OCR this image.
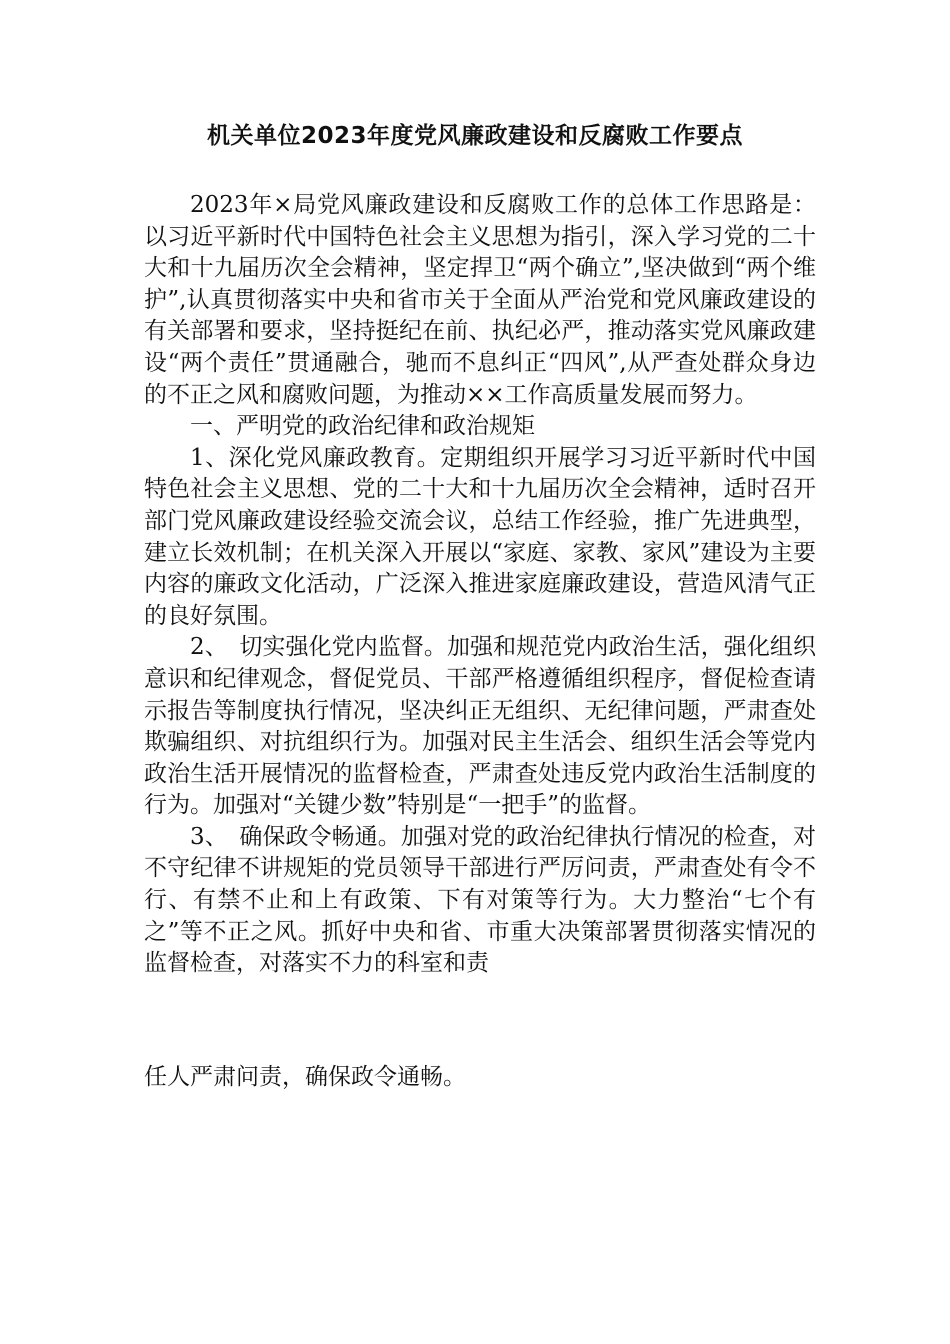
机关单位2023年度党风廉政建设和反腐败工作要点

2023年×局党风廉政建设和反腐败工作的总体工作思路是：以习近平新时代中国特色社会主义思想为指引，深入学习党的二十大和十九届历次全会精神，坚定捍卫“两个确立”,坚决做到“两个维护”,认真贯彻落实中央和省市关于全面从严治党和党风廉政建设的有关部署和要求，坚持挺纪在前、执纪必严，推动落实党风廉政建设“两个责任”贯通融合，驰而不息纠正“四风”,从严查处群众身边的不正之风和腐败问题，为推动××工作高质量发展而努力。

一、严明党的政治纪律和政治规矩

1、深化党风廉政教育。定期组织开展学习习近平新时代中国特色社会主义思想、党的二十大和十九届历次全会精神，适时召开部门党风廉政建设经验交流会议，总结工作经验，推广先进典型，建立长效机制；在机关深入开展以“家庭、家教、家风”建设为主要内容的廉政文化活动，广泛深入推进家庭廉政建设，营造风清气正的良好氛围。

2、　切实强化党内监督。加强和规范党内政治生活，强化组织意识和纪律观念，督促党员、干部严格遵循组织程序，督促检查请示报告等制度执行情况，坚决纠正无组织、无纪律问题，严肃查处欺骗组织、对抗组织行为。加强对民主生活会、组织生活会等党内政治生活开展情况的监督检查，严肃查处违反党内政治生活制度的行为。加强对“关键少数”特别是“一把手”的监督。

3、　确保政令畅通。加强对党的政治纪律执行情况的检查，对不守纪律不讲规矩的党员领导干部进行严厉问责，严肃查处有令不行、有禁不止和上有政策、下有对策等行为。大力整治“七个有之”等不正之风。抓好中央和省、市重大决策部署贯彻落实情况的监督检查，对落实不力的科室和责

任人严肃问责，确保政令通畅。
